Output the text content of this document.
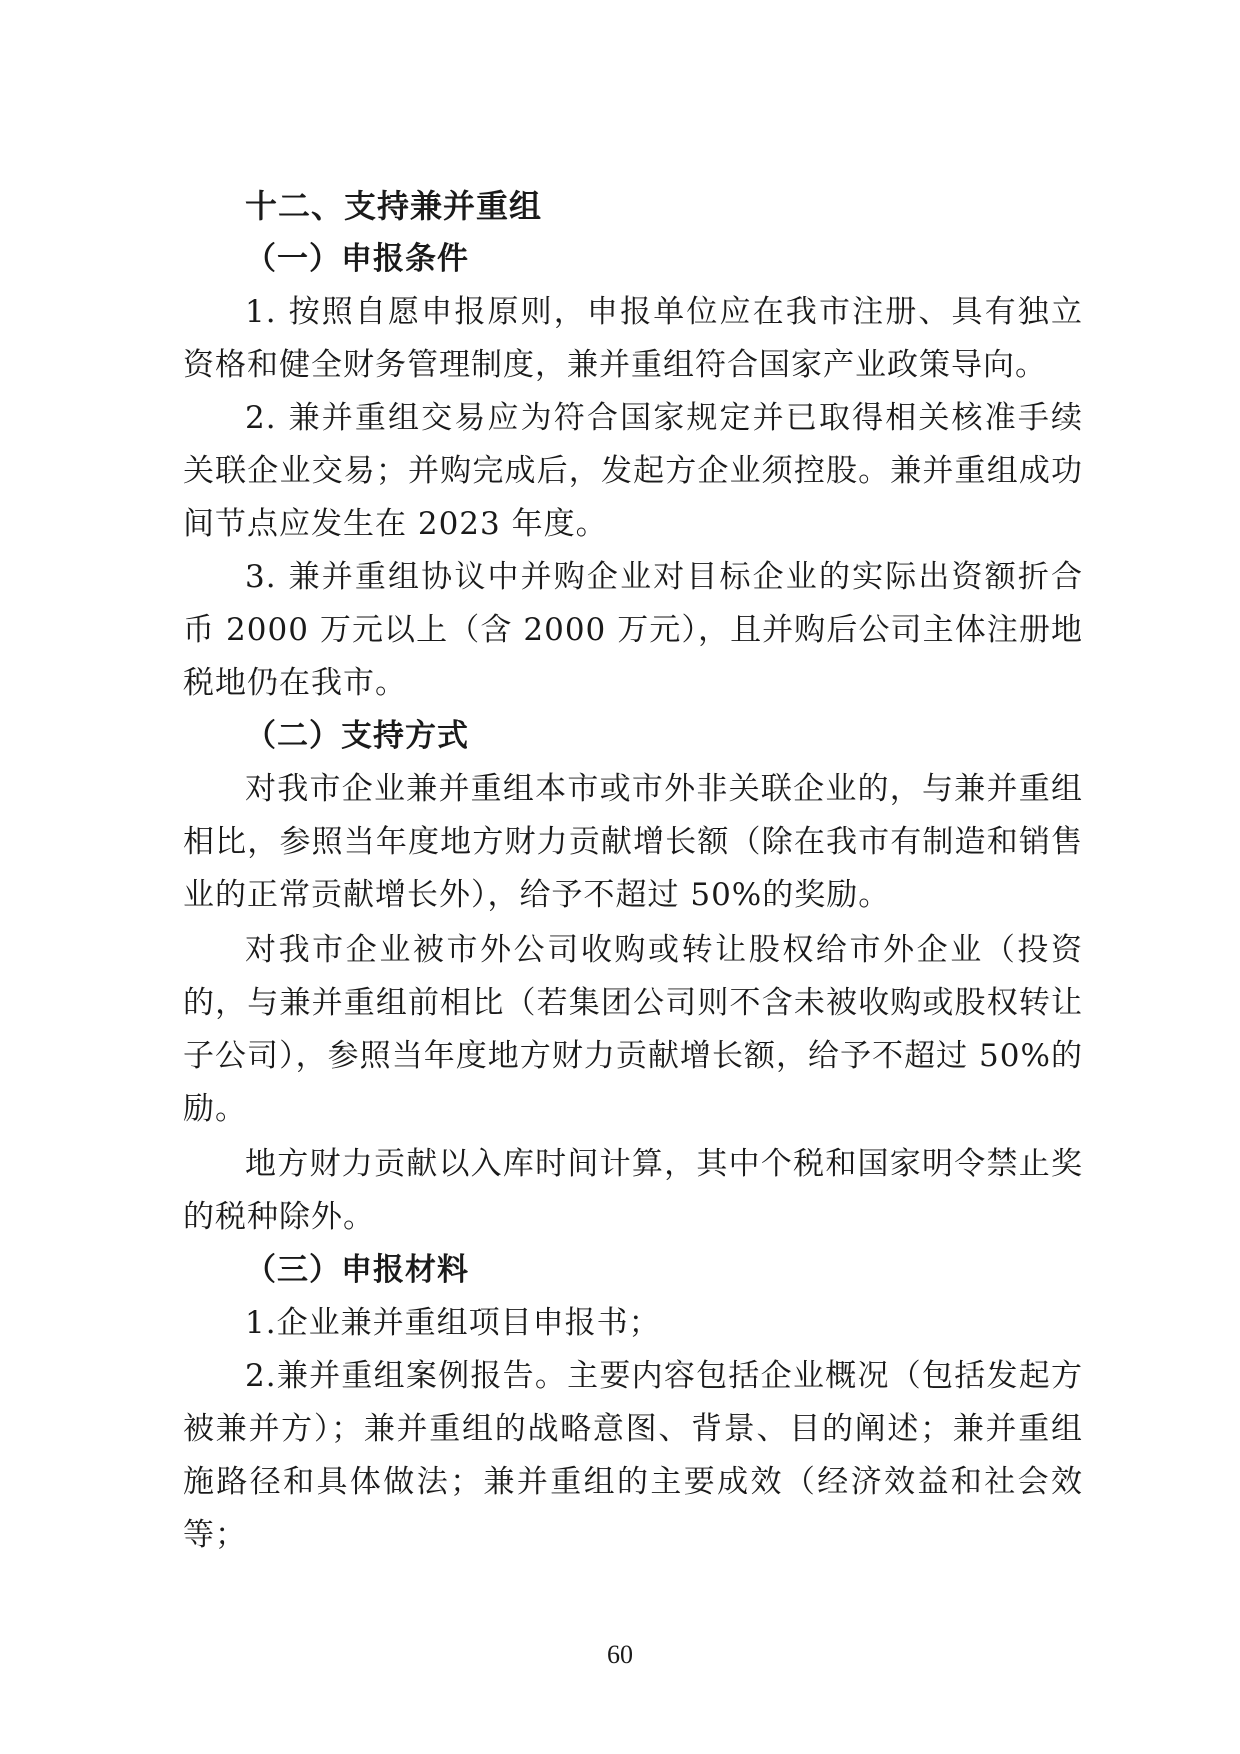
十二、支持兼并重组
（一）申报条件
1. 按照自愿申报原则，申报单位应在我市注册、具有独立
资格和健全财务管理制度，兼并重组符合国家产业政策导向。
2. 兼并重组交易应为符合国家规定并已取得相关核准手续
关联企业交易；并购完成后，发起方企业须控股。兼并重组成功
间节点应发生在 2023 年度。
3. 兼并重组协议中并购企业对目标企业的实际出资额折合
币 2000 万元以上（含 2000 万元），且并购后公司主体注册地
税地仍在我市。
（二）支持方式
对我市企业兼并重组本市或市外非关联企业的，与兼并重组
相比，参照当年度地方财力贡献增长额（除在我市有制造和销售
业的正常贡献增长外），给予不超过 50%的奖励。
对我市企业被市外公司收购或转让股权给市外企业（投资
的，与兼并重组前相比（若集团公司则不含未被收购或股权转让
子公司），参照当年度地方财力贡献增长额，给予不超过 50%的
励。
地方财力贡献以入库时间计算，其中个税和国家明令禁止奖
的税种除外。
（三）申报材料
1.企业兼并重组项目申报书；
2.兼并重组案例报告。主要内容包括企业概况（包括发起方
被兼并方）；兼并重组的战略意图、背景、目的阐述；兼并重组
施路径和具体做法；兼并重组的主要成效（经济效益和社会效
等；
60
